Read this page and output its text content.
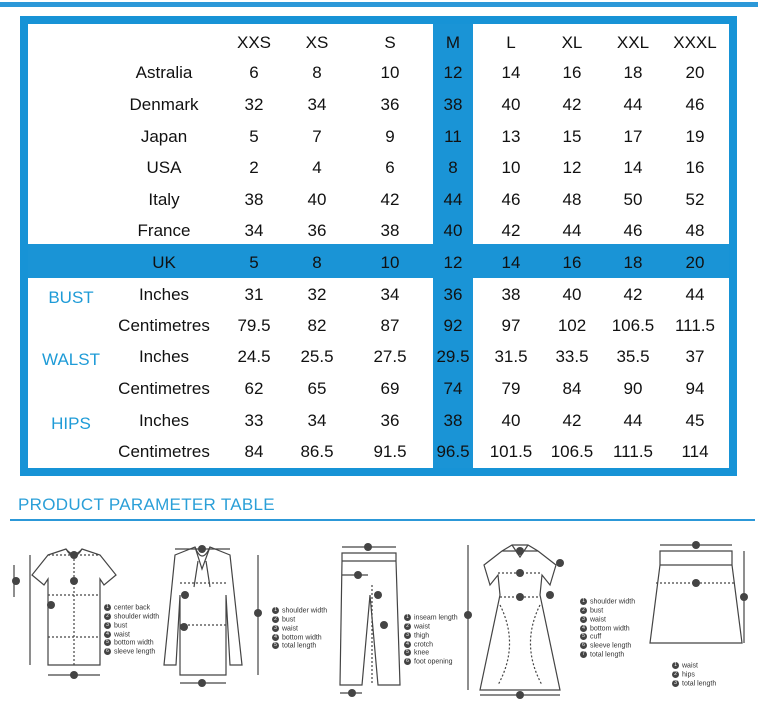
XXS	XS	S	M	L	XL	XXL	XXXL
Astralia	6	8	10	12	14	16	18	20
Denmark	32	34	36	38	40	42	44	46
Japan	5	7	9	11	13	15	17	19
USA	2	4	6	8	10	12	14	16
Italy	38	40	42	44	46	48	50	52
France	34	36	38	40	42	44	46	48
UK	5	8	10	12	14	16	18	20
BUST	Inches	31	32	34	36	38	40	42	44
Centimetres	79.5	82	87	92	97	102	106.5	111.5
WALST	Inches	24.5	25.5	27.5	29.5	31.5	33.5	35.5	37
Centimetres	62	65	69	74	79	84	90	94
HIPS	Inches	33	34	36	38	40	42	44	45
Centimetres	84	86.5	91.5	96.5	101.5	106.5	111.5	114
PRODUCT PARAMETER TABLE
1 center back
2 shoulder width
3 bust
4 waist
5 bottom width
6 sleeve length
1 shoulder width
2 bust
3 waist
4 bottom width
5 total length
1 inseam length
2 waist
3 thigh
4 crotch
5 knee
6 foot opening
1 shoulder width
2 bust
3 waist
4 bottom width
5 cuff
6 sleeve length
7 total length
1 waist
2 hips
3 total length
